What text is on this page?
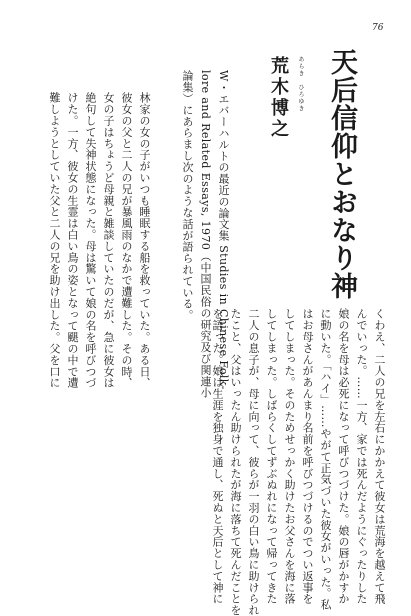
76
天后信仰とおなり神
あらき　ひろゆき
荒木博之
W・エバーハルトの最近の論文集 Studies in Chinese Folk-
lore and Related Essays, 1970（中国民俗の研究及び関連小
論集）にあらまし次のような話が語られている。
林家の女の子がいつも睡眠する船を救っていた。ある日、
彼女の父と二人の兄が暴風雨のなかで遭難した。その時、
女の子はちょうど母親と雑談していたのだが、急に彼女は
絶句して失神状態になった。母は驚いて娘の名を呼びつづ
けた。一方、彼女の生霊は白い鳥の姿となって颶の中で遭
難しようとしていた父と二人の兄を助け出した。父を口に
くわえ、二人の兄を左右にかかえて彼女は荒海を越えて飛
んでいった。……一方、家では死んだようにぐったりした
娘の名を母は必死になって呼びつづけた。娘の唇がかすか
に動いた。「ハイ」……やがて正気づいた彼女がいった。私
はお母さんがあんまり名前を呼びつづけるのでつい返事を
してしまった。そのためせっかく助けたお父さんを海に落
してしまった。しばらくしてずぶぬれになって帰ってきた
二人の息子が、母に向って、彼らが一羽の白い鳥に助けられ
たこと、父はいったん助けられたが海に落ちて死んだことを
を語った。娘は生涯を独身で通し、死ぬと天后として神に
